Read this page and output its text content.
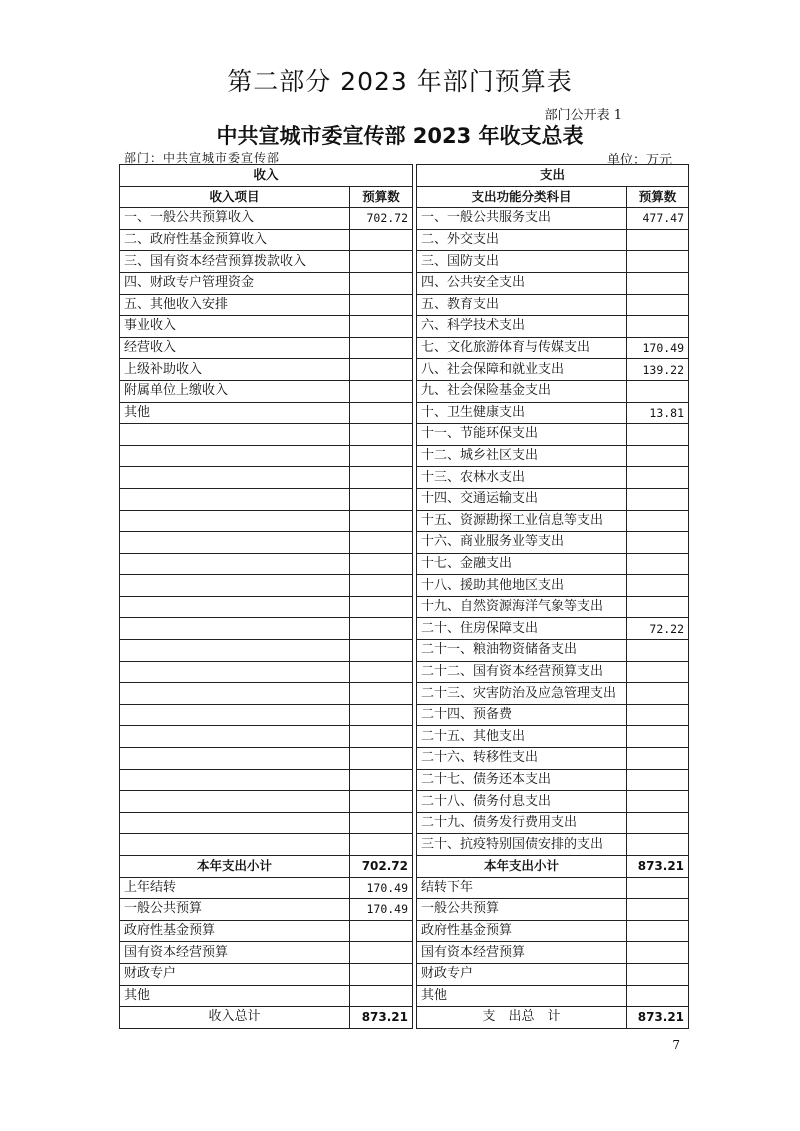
第二部分 2023 年部门预算表
部门公开表 1
中共宣城市委宣传部 2023 年收支总表
部门：中共宣城市委宣传部	单位：万元
收入			支出	
收入项目	预算数		支出功能分类科目	预算数
一、一般公共预算收入	702.72		一、一般公共服务支出	477.47
二、政府性基金预算收入			二、外交支出	
三、国有资本经营预算拨款收入			三、国防支出	
四、财政专户管理资金			四、公共安全支出	
五、其他收入安排			五、教育支出	
事业收入			六、科学技术支出	
经营收入			七、文化旅游体育与传媒支出	170.49
上级补助收入			八、社会保障和就业支出	139.22
附属单位上缴收入			九、社会保险基金支出	
其他			十、卫生健康支出	13.81
			十一、节能环保支出	
			十二、城乡社区支出	
			十三、农林水支出	
			十四、交通运输支出	
			十五、资源勘探工业信息等支出	
			十六、商业服务业等支出	
			十七、金融支出	
			十八、援助其他地区支出	
			十九、自然资源海洋气象等支出	
			二十、住房保障支出	72.22
			二十一、粮油物资储备支出	
			二十二、国有资本经营预算支出	
			二十三、灾害防治及应急管理支出	
			二十四、预备费	
			二十五、其他支出	
			二十六、转移性支出	
			二十七、债务还本支出	
			二十八、债务付息支出	
			二十九、债务发行费用支出	
			三十、抗疫特别国债安排的支出	
本年支出小计	702.72		本年支出小计	873.21
上年结转	170.49		结转下年	
一般公共预算	170.49		一般公共预算	
政府性基金预算			政府性基金预算	
国有资本经营预算			国有资本经营预算	
财政专户			财政专户	
其他			其他	
收入总计	873.21		支　出总　计	873.21
7
